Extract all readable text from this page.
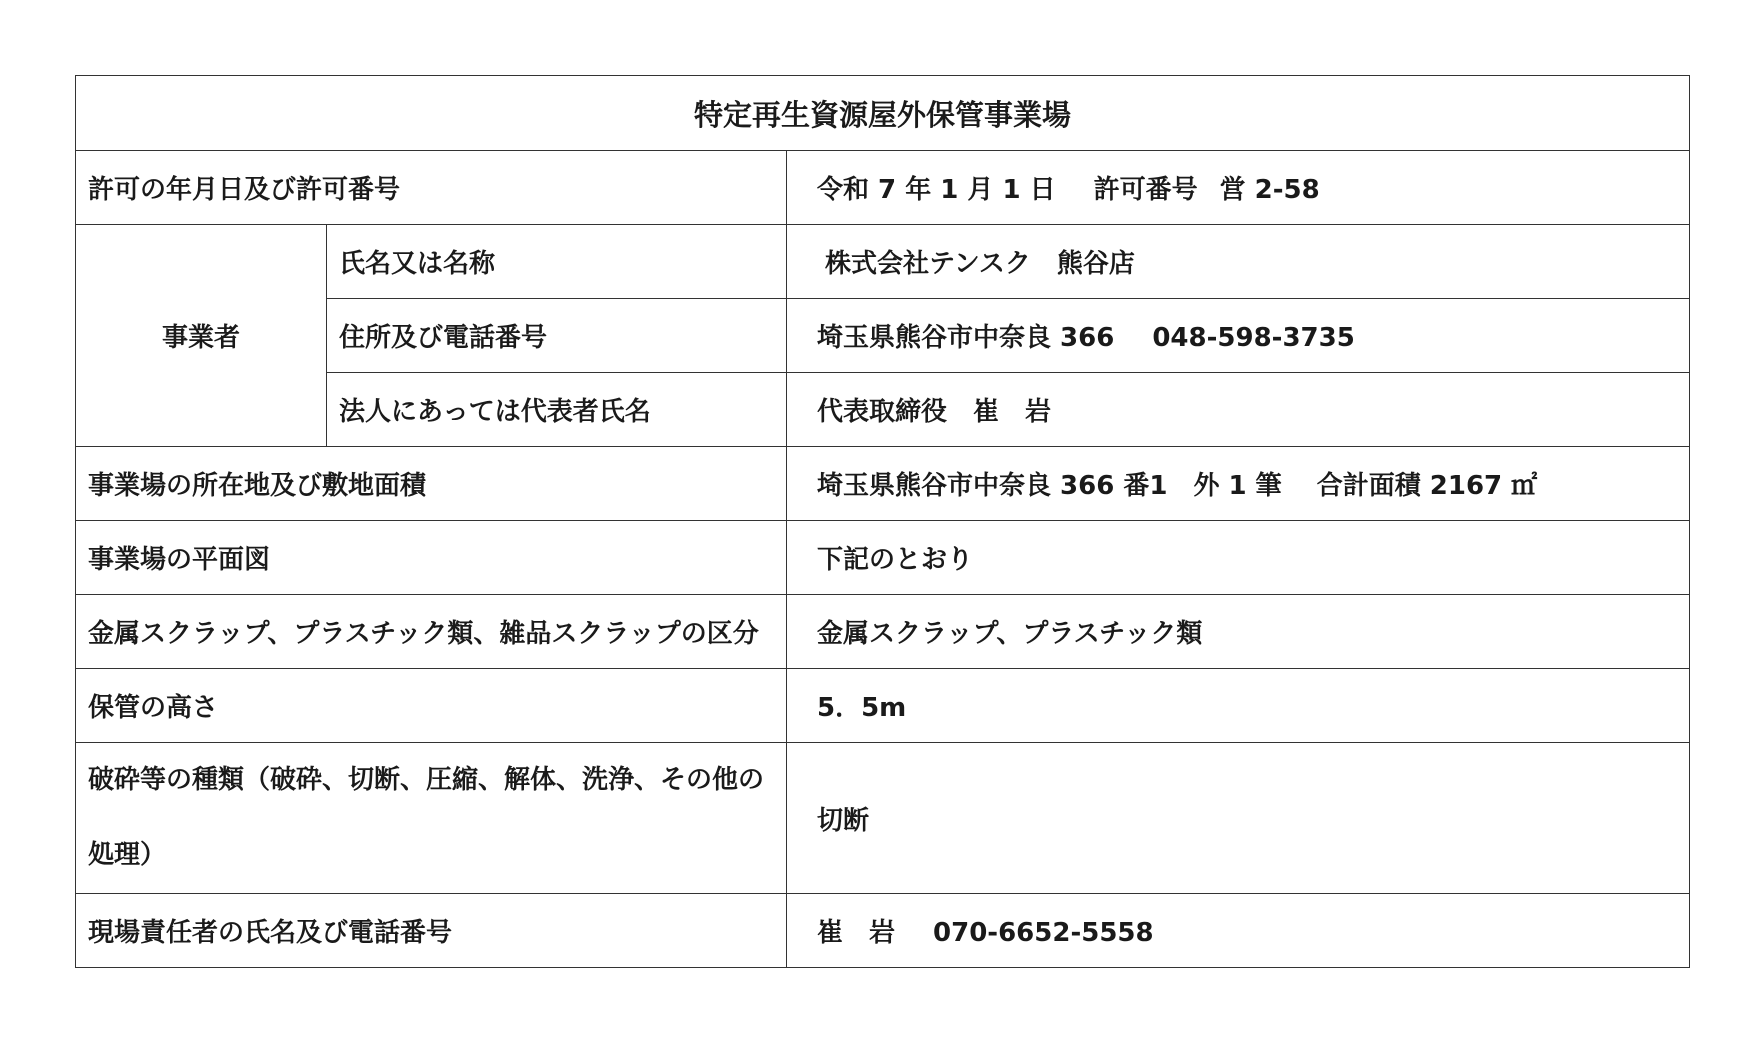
特定再生資源屋外保管事業場		
許可の年月日及び許可番号		令和 7 年 1 月 1 日 許可番号 営 2-58
事業者	氏名又は名称	株式会社テンスク　熊谷店
	住所及び電話番号	埼玉県熊谷市中奈良 366 048-598-3735
	法人にあっては代表者氏名	代表取締役　崔　岩
事業場の所在地及び敷地面積		埼玉県熊谷市中奈良 366 番1　外 1 筆　 合計面積 2167 ㎡
事業場の平面図		下記のとおり
金属スクラップ、プラスチック類、雑品スクラップの区分		金属スクラップ、プラスチック類
保管の高さ		5．5m
破砕等の種類（破砕、切断、圧縮、解体、洗浄、その他の処理）		切断
現場責任者の氏名及び電話番号		崔　岩 070-6652-5558
